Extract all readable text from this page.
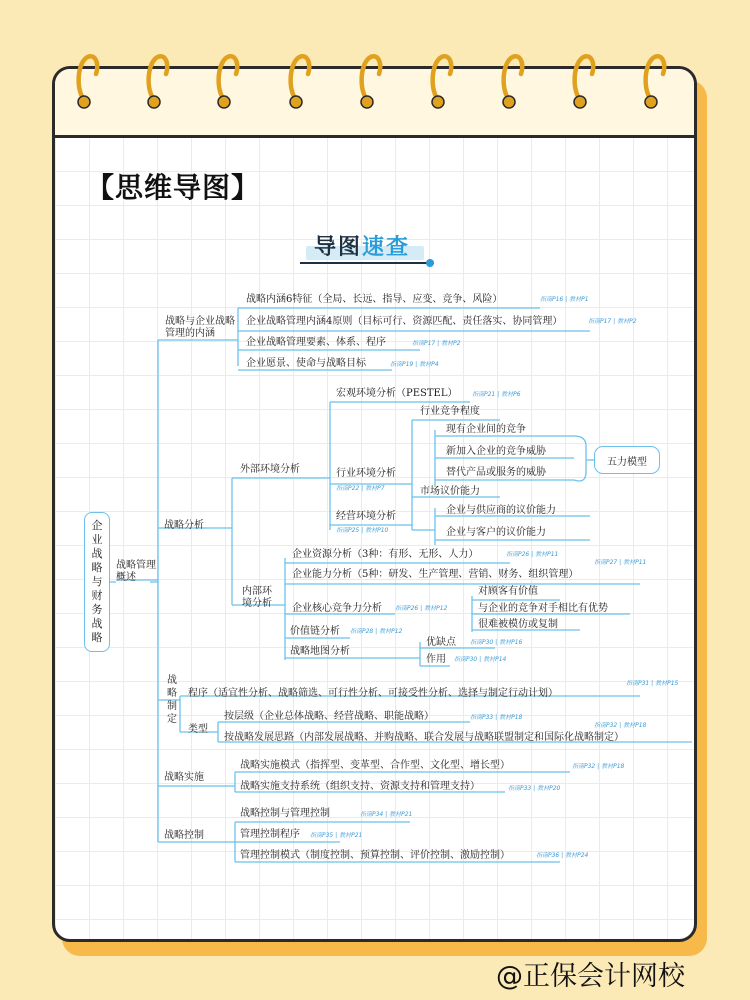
【思维导图】
导图速查
企业战略与财务战略
战略管理概述
战略与企业战略管理的内涵
战略内涵6特征（全局、长远、指导、应变、竞争、风险）	指南P16 | 教材P1
企业战略管理内涵4原则（目标可行、资源匹配、责任落实、协同管理）	指南P17 | 教材P2
企业战略管理要素、体系、程序	指南P17 | 教材P2
企业愿景、使命与战略目标	指南P19 | 教材P4
战略分析
外部环境分析
宏观环境分析（PESTEL） 指南P21 | 教材P6
行业环境分析
指南P22 | 教材P7
行业竞争程度
现有企业间的竞争
新加入企业的竞争威胁
替代产品或服务的威胁
市场议价能力
企业与供应商的议价能力
企业与客户的议价能力
五力模型
经营环境分析
指南P25 | 教材P10
内部环境分析
企业资源分析（3种：有形、无形、人力）	指南P26 | 教材P11
企业能力分析（5种：研发、生产管理、营销、财务、组织管理）
指南P27 | 教材P11
企业核心竞争力分析 指南P26 | 教材P12
对顾客有价值
与企业的竞争对手相比有优势
很难被模仿或复制
价值链分析 指南P28 | 教材P12
战略地图分析
优缺点 指南P30 | 教材P16
作用 指南P30 | 教材P14
战略制定
程序（适宜性分析、战略筛选、可行性分析、可接受性分析、选择与制定行动计划）
指南P31 | 教材P15
类型
按层级（企业总体战略、经营战略、职能战略）	指南P33 | 教材P18
按战略发展思路（内部发展战略、并购战略、联合发展与战略联盟制定和国际化战略制定）
指南P32 | 教材P18
战略实施
战略实施模式（指挥型、变革型、合作型、文化型、增长型）	指南P32 | 教材P18
战略实施支持系统（组织支持、资源支持和管理支持）	指南P33 | 教材P20
战略控制
战略控制与管理控制	指南P34 | 教材P21
管理控制程序 指南P35 | 教材P21
管理控制模式（制度控制、预算控制、评价控制、激励控制）	指南P36 | 教材P24
@正保会计网校
